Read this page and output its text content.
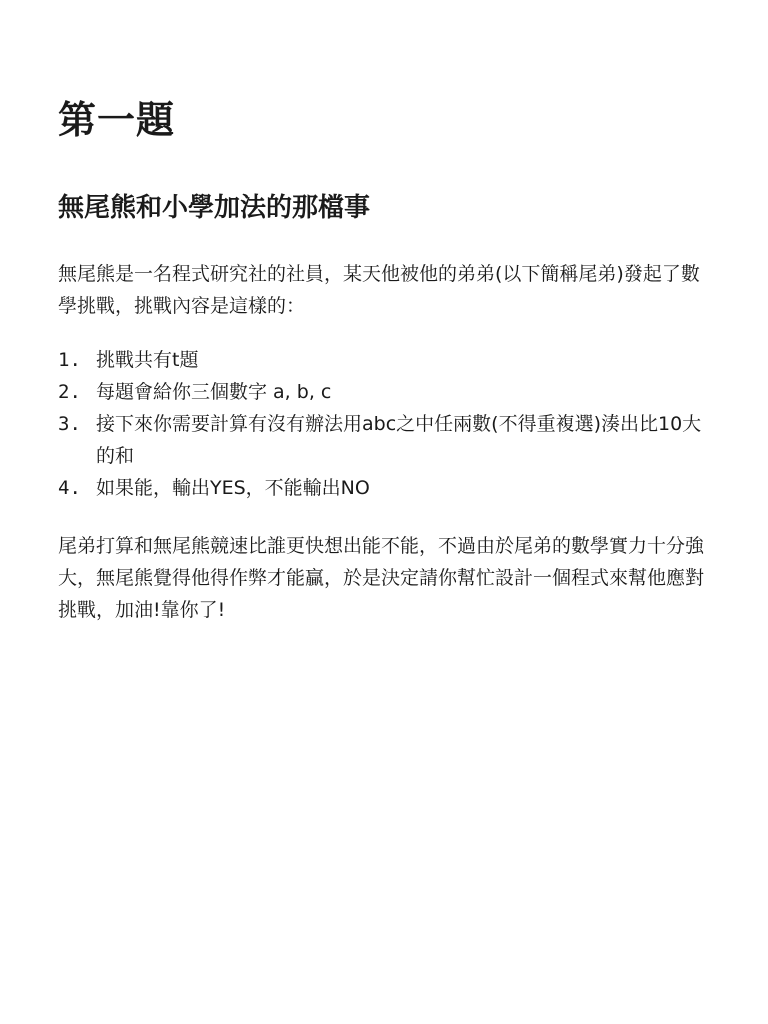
第一題
無尾熊和小學加法的那檔事

無尾熊是一名程式研究社的社員，某天他被他的弟弟(以下簡稱尾弟)發起了數學挑戰，挑戰內容是這樣的：

1. 挑戰共有t題
2. 每題會給你三個數字 a, b, c
3. 接下來你需要計算有沒有辦法用abc之中任兩數(不得重複選)湊出比10大的和
4. 如果能，輸出YES，不能輸出NO

尾弟打算和無尾熊競速比誰更快想出能不能，不過由於尾弟的數學實力十分強大，無尾熊覺得他得作弊才能贏，於是決定請你幫忙設計一個程式來幫他應對挑戰，加油!靠你了!
